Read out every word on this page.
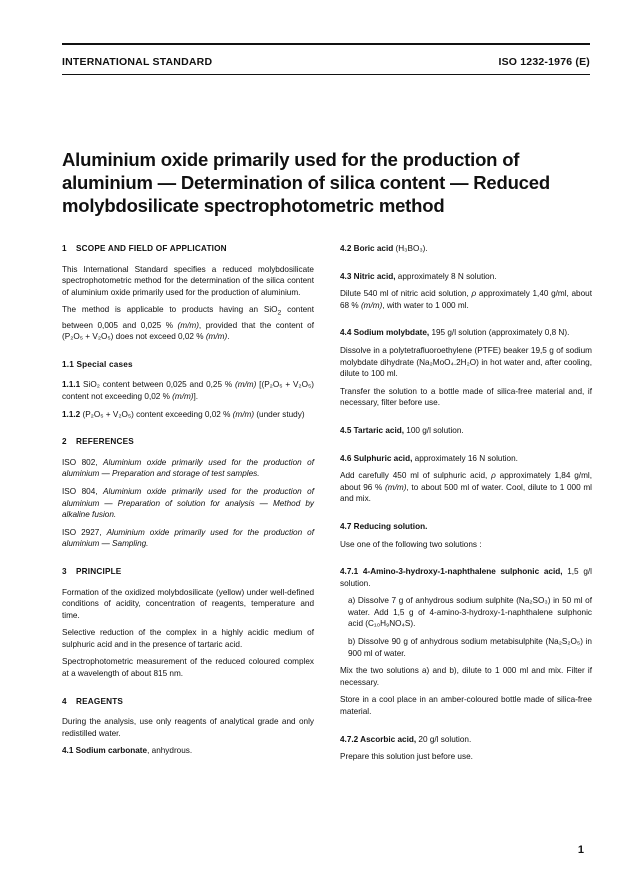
INTERNATIONAL STANDARD	ISO 1232-1976 (E)
Aluminium oxide primarily used for the production of aluminium — Determination of silica content — Reduced molybdosilicate spectrophotometric method
1 SCOPE AND FIELD OF APPLICATION
This International Standard specifies a reduced molybdosilicate spectrophotometric method for the determination of the silica content of aluminium oxide primarily used for the production of aluminium.
The method is applicable to products having an SiO$_2$ content between 0,005 and 0,025 % (m/m), provided that the content of (P₂O₅ + V₂O₅) does not exceed 0,02 % (m/m).
1.1 Special cases
1.1.1 SiO₂ content between 0,025 and 0,25 % (m/m) [(P₂O₅ + V₂O₅) content not exceeding 0,02 % (m/m)].
1.1.2 (P₂O₅ + V₂O₅) content exceeding 0,02 % (m/m) (under study)
2 REFERENCES
ISO 802, Aluminium oxide primarily used for the production of aluminium — Preparation and storage of test samples.
ISO 804, Aluminium oxide primarily used for the production of aluminium — Preparation of solution for analysis — Method by alkaline fusion.
ISO 2927, Aluminium oxide primarily used for the production of aluminium — Sampling.
3 PRINCIPLE
Formation of the oxidized molybdosilicate (yellow) under well-defined conditions of acidity, concentration of reagents, temperature and time.
Selective reduction of the complex in a highly acidic medium of sulphuric acid and in the presence of tartaric acid.
Spectrophotometric measurement of the reduced coloured complex at a wavelength of about 815 nm.
4 REAGENTS
During the analysis, use only reagents of analytical grade and only redistilled water.
4.1 Sodium carbonate, anhydrous.
4.2 Boric acid (H₃BO₃).
4.3 Nitric acid, approximately 8 N solution.
Dilute 540 ml of nitric acid solution, ρ approximately 1,40 g/ml, about 68 % (m/m), with water to 1 000 ml.
4.4 Sodium molybdate, 195 g/l solution (approximately 0,8 N).
Dissolve in a polytetrafluoroethylene (PTFE) beaker 19,5 g of sodium molybdate dihydrate (Na₂MoO₄.2H₂O) in hot water and, after cooling, dilute to 100 ml.
Transfer the solution to a bottle made of silica-free material and, if necessary, filter before use.
4.5 Tartaric acid, 100 g/l solution.
4.6 Sulphuric acid, approximately 16 N solution.
Add carefully 450 ml of sulphuric acid, ρ approximately 1,84 g/ml, about 96 % (m/m), to about 500 ml of water. Cool, dilute to 1 000 ml and mix.
4.7 Reducing solution.
Use one of the following two solutions :
4.7.1 4-Amino-3-hydroxy-1-naphthalene sulphonic acid, 1,5 g/l solution.
a) Dissolve 7 g of anhydrous sodium sulphite (Na₂SO₃) in 50 ml of water. Add 1,5 g of 4-amino-3-hydroxy-1-naphthalene sulphonic acid (C₁₀H₉NO₄S).
b) Dissolve 90 g of anhydrous sodium metabisulphite (Na₂S₂O₅) in 900 ml of water.
Mix the two solutions a) and b), dilute to 1 000 ml and mix. Filter if necessary.
Store in a cool place in an amber-coloured bottle made of silica-free material.
4.7.2 Ascorbic acid, 20 g/l solution.
Prepare this solution just before use.
1
